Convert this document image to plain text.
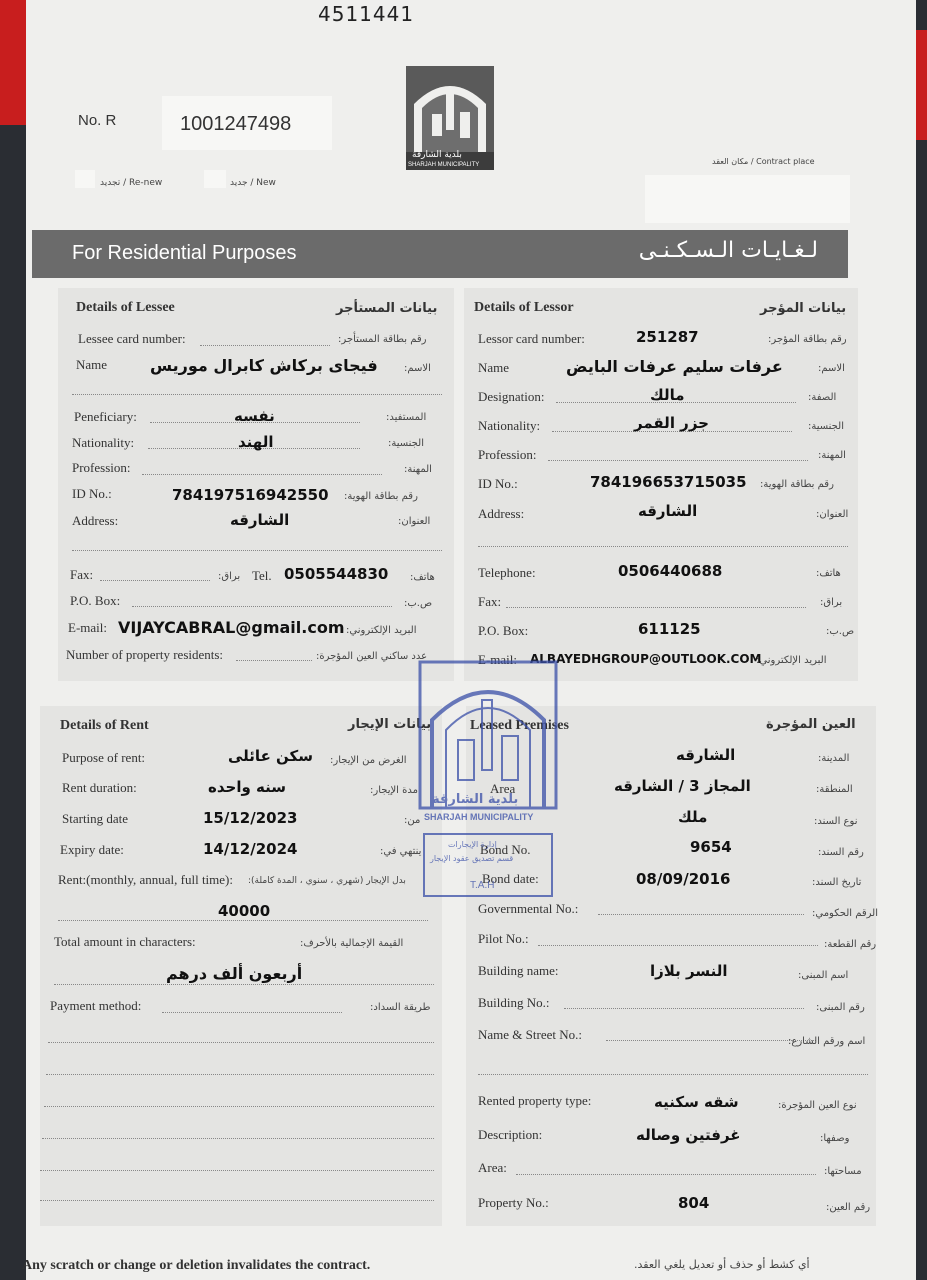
4511441
No. R	1001247498
بلدية الشارقة
SHARJAH MUNICIPALITY	Contract place / مكان العقد
Re-new / تجديد	New / جديد
For Residential Purposes	لـغـايـات الـسـكـنـى
Details of Lessee	بيانات المستأجر
Lessee card number:	رقم بطاقة المستأجر:
Name	فيجاى بركاش كابرال موريس	الاسم:
Peneficiary:	نفسه	المستفيد:
Nationality:	الهند	الجنسية:
Profession:	المهنة:
ID No.:	784197516942550 رقم بطاقة الهوية:
Address:	الشارقه	العنوان:
Fax:	براق: Tel. 0505544830 هاتف:
P.O. Box:	ص.ب:
E-mail: VIJAYCABRAL@gmail.com البريد الإلكتروني:
Number of property residents:	عدد ساكني العين المؤجرة:
Details of Lessor	بيانات المؤجر
Lessor card number:	251287	رقم بطاقة المؤجر:
Name	عرفات سليم عرفات البايض	الاسم:
Designation:	مالك	الصفة:
Nationality:	جزر القمر	الجنسية:
Profession:	المهنة:
ID No.:	784196653715035 رقم بطاقة الهوية:
Address:	الشارقه	العنوان:
Telephone:	0506440688	هاتف:
Fax:	براق:
P.O. Box:	611125	ص.ب:
E-mail: ALBAYEDHGROUP@OUTLOOK.COM
البريد الإلكتروني:
Details of Rent	بيانات الإيجار
Purpose of rent:	سكن عائلى الغرض من الإيجار:
Rent duration:	سنه واحده	مدة الإيجار:
Starting date	15/12/2023	من:
Expiry date:	14/12/2024	ينتهي في:
Rent:(monthly, annual, full time): بدل الإيجار (شهري ، سنوي ، المدة كاملة):
40000
Total amount in characters:	القيمة الإجمالية بالأحرف:
أربعون ألف درهم
Payment method:	طريقة السداد:
Leased Premises	العين المؤجرة
الشارقه	المدينة:
Area	المجاز 3 / الشارقه	المنطقة:
ملك	نوع السند:
Bond No.	9654	رقم السند:
Bond date:	08/09/2016	تاريخ السند:
Governmental No.:	الرقم الحكومي:
Pilot No.:	رقم القطعة:
Building name:	النسر بلازا	اسم المبنى:
Building No.:	رقم المبنى:
Name & Street No.:	اسم ورقم الشارع:
Rented property type:	شقه سكنيه	نوع العين المؤجرة:
Description:	غرفتين وصاله	وصفها:
Area:	مساحتها:
Property No.:	804	رقم العين:
بلدية الشارقة
SHARJAH MUNICIPALITY
إدارة الإيجارات
قسم تصديق عقود الإيجار
T.A.H
Any scratch or change or deletion invalidates the contract.	أي كشط أو حذف أو تعديل يلغي العقد.
